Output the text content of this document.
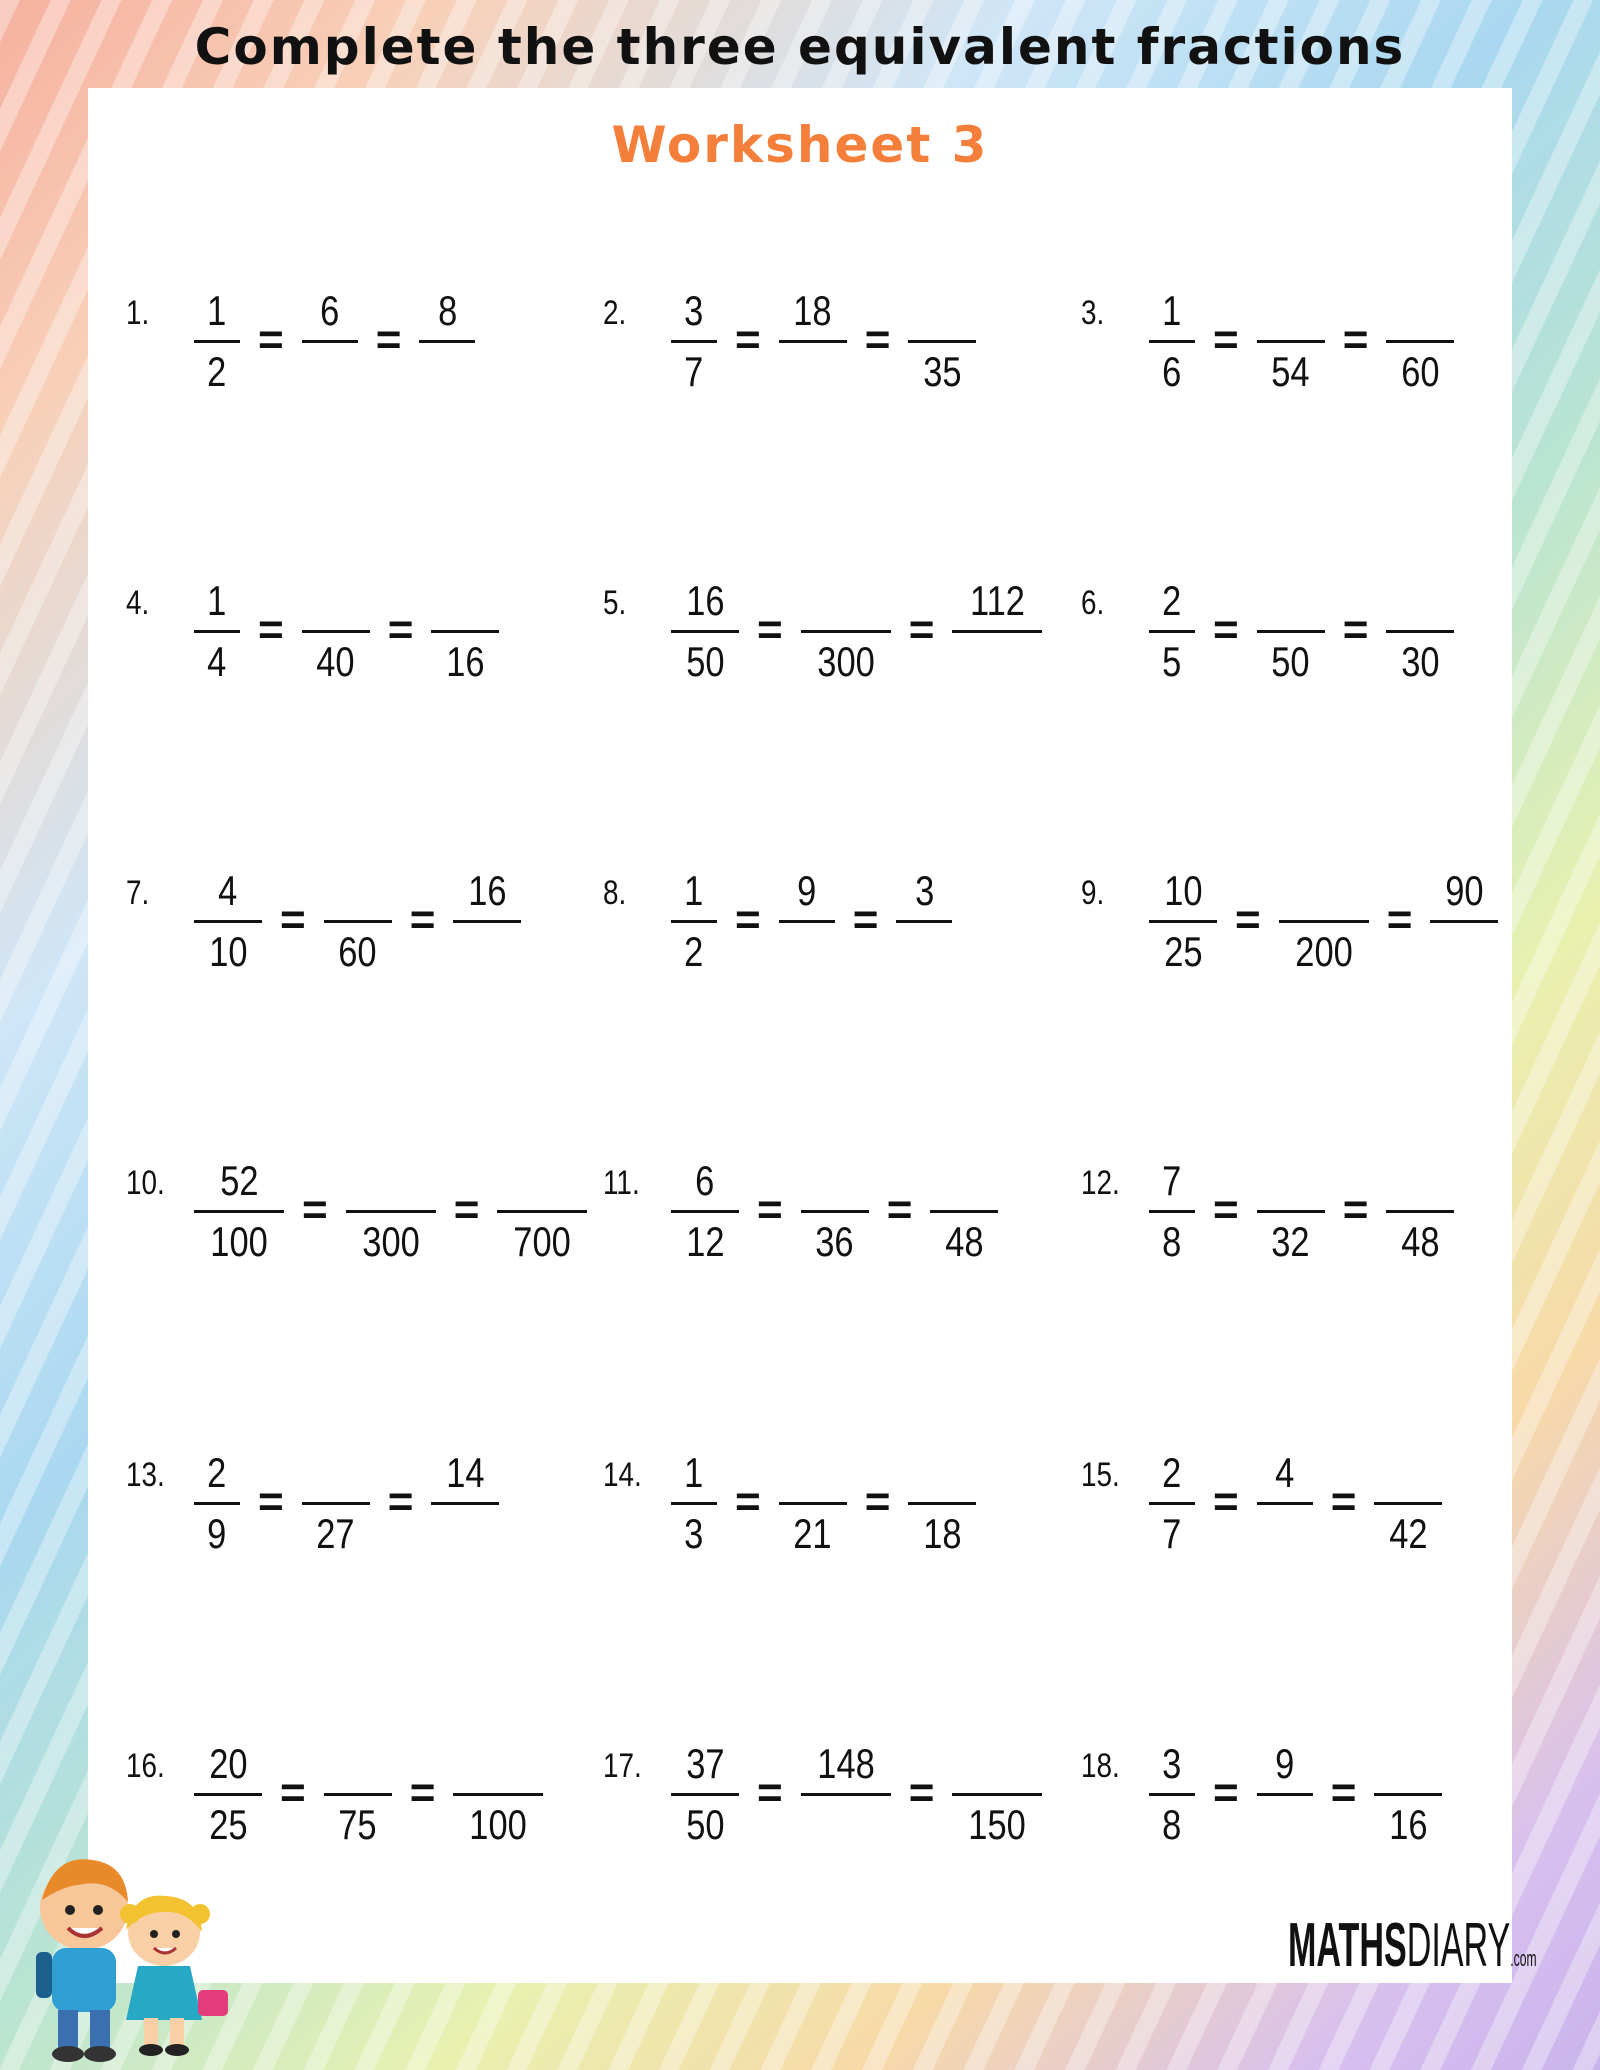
Complete the three equivalent fractions
Worksheet 3
1.	$\frac{1}{2}$ =
6
=
8	2.	$\frac{3}{7}$ =
18
=
35
3.	$\frac{1}{6}$ =
54
=
60
4.	$\frac{1}{4}$ =
40
=
16
5.	$\frac{16}{50}$ =
300
=
112 6.	$\frac{2}{5}$ =
50
=
30
7.	$\frac{4}{10}$ =
60
=
16	8.	$\frac{1}{2}$ =
9
=
3	9.	$\frac{10}{25}$ =
200
=
90
10. $\frac{52}{100}$ =
300
=
700
11. $\frac{6}{12}$ =
36
=
48
12. $\frac{7}{8}$ =
32
=
48
13. $\frac{2}{9}$ =
27
=
14	14. $\frac{1}{3}$ =
21
=
18
15. $\frac{2}{7}$ =
4
=
42
16. $\frac{20}{25}$ =
75
=
100
17. $\frac{37}{50}$ =
148
=
150
18. $\frac{3}{8}$ =
9
=
16
MATHSDIARY.com
